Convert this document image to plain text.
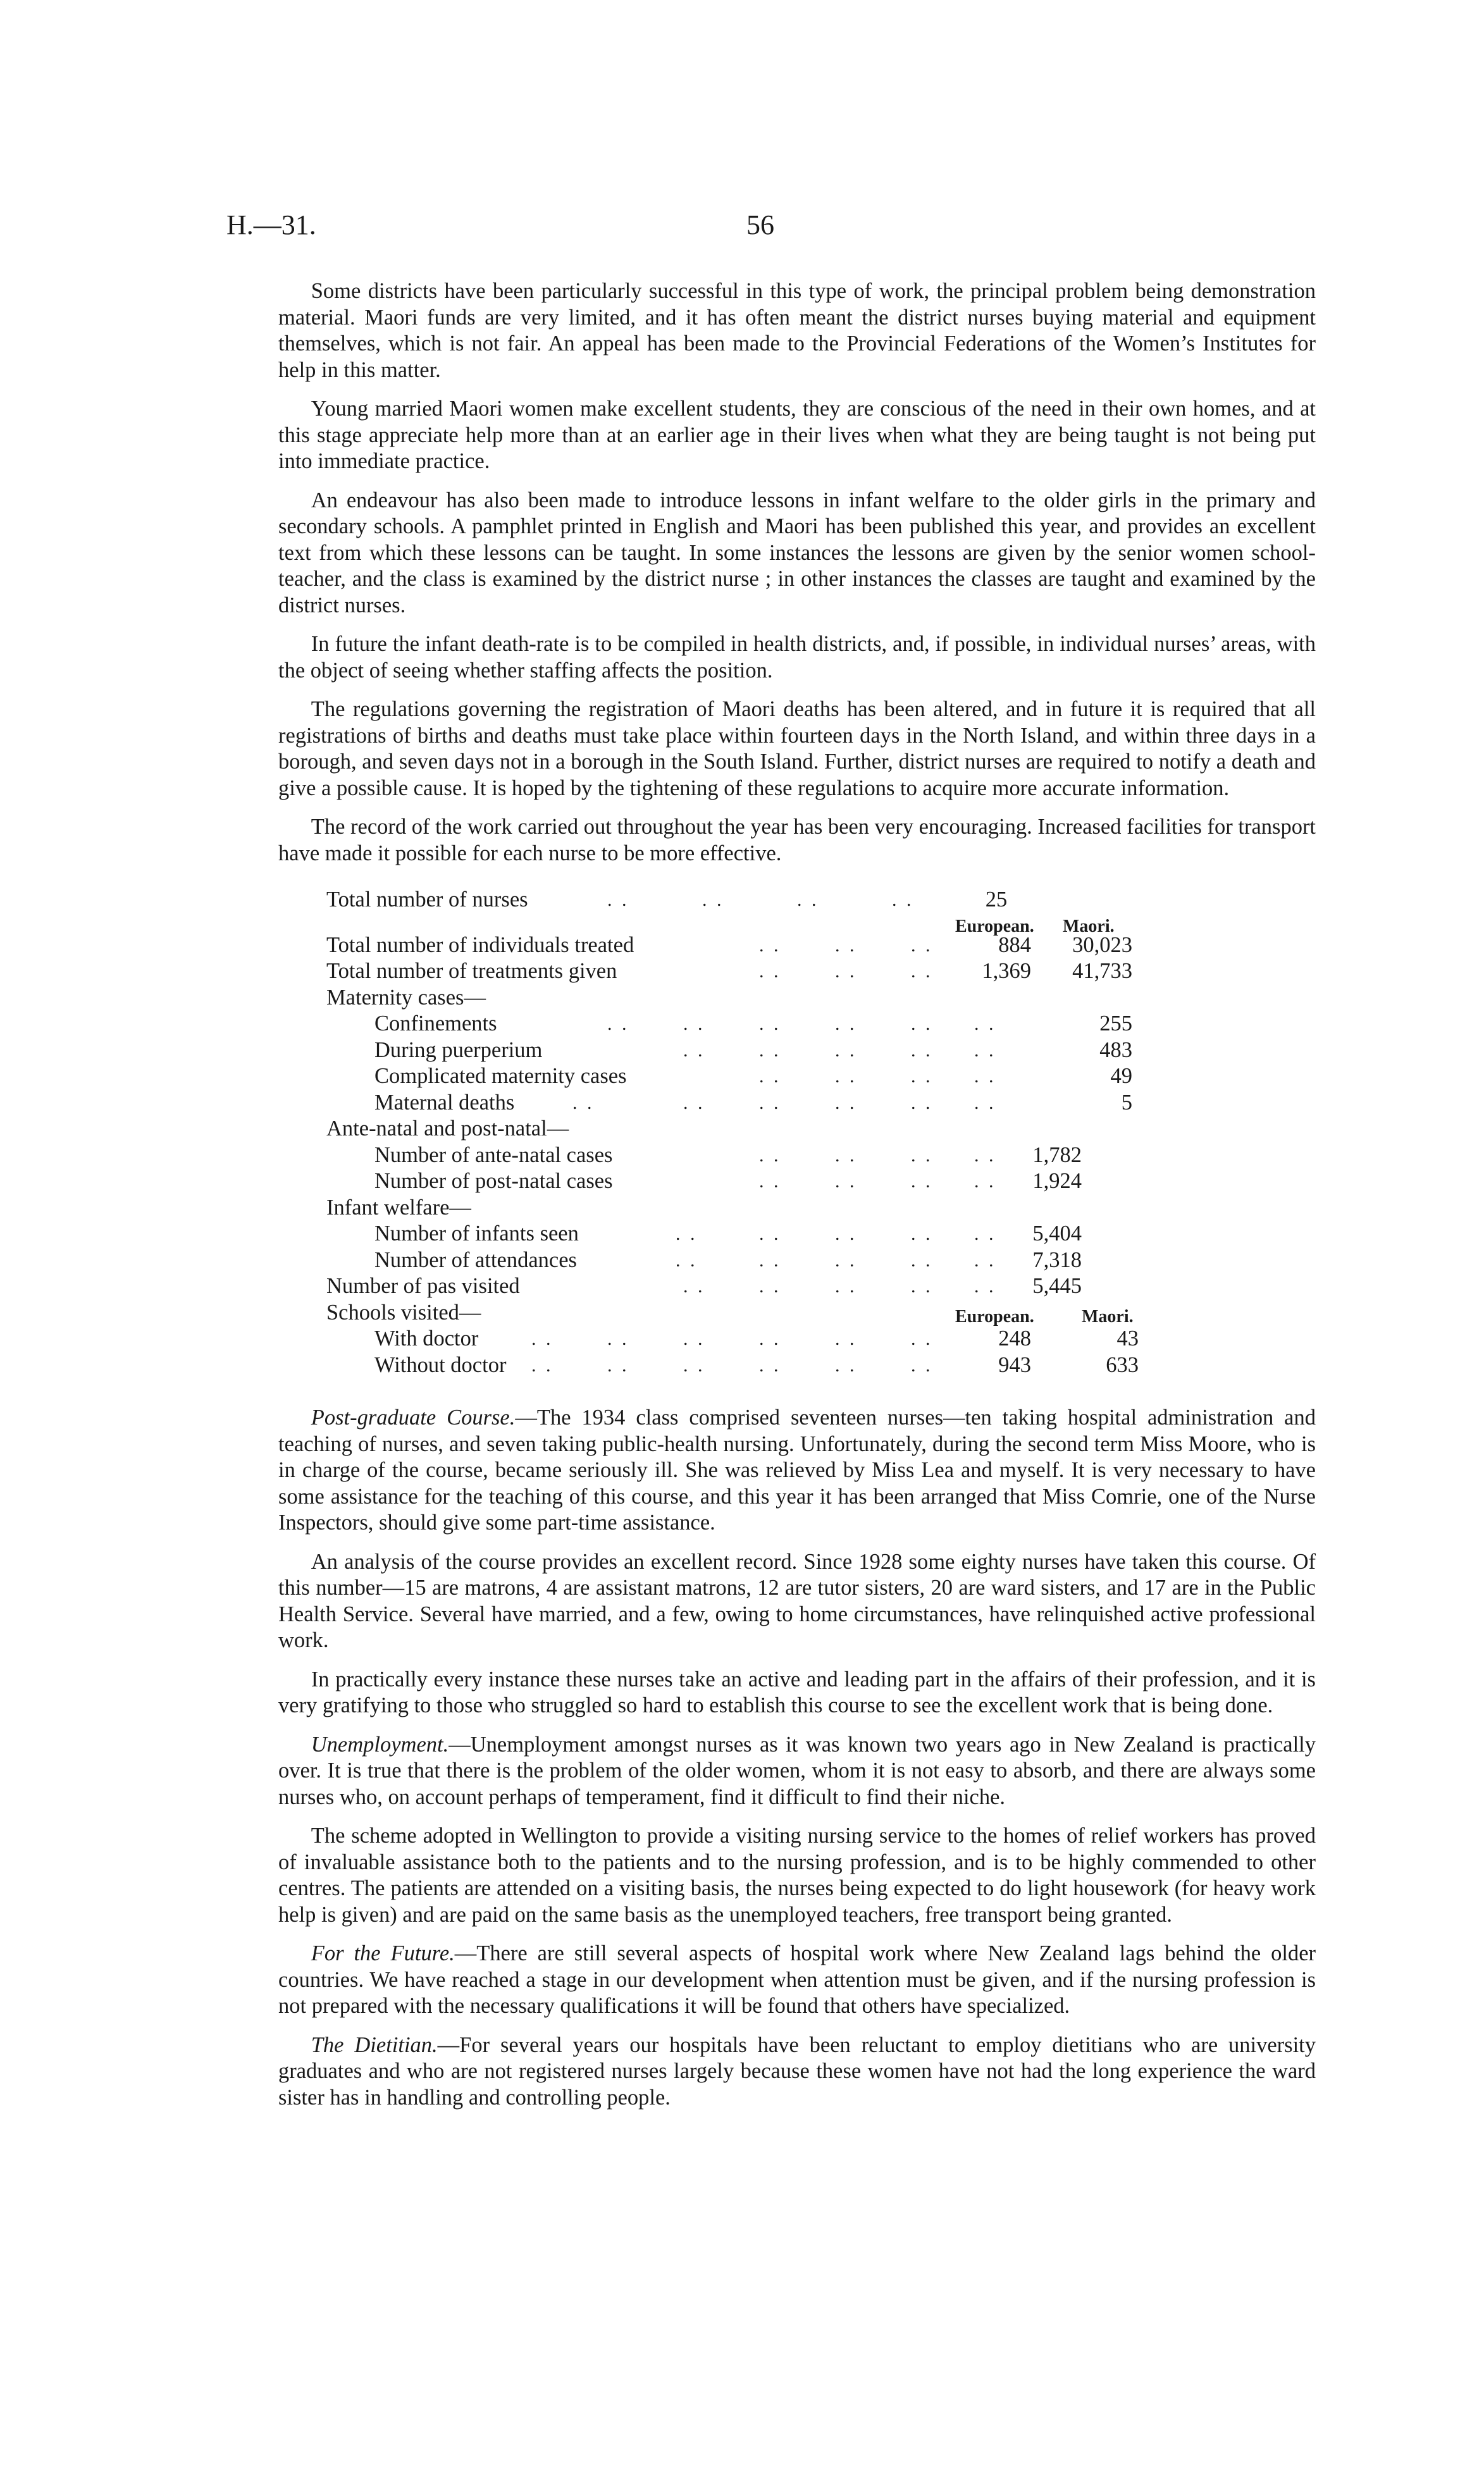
H.—31.	56

  Some districts have been particularly successful in this type of work, the principal problem being demonstration material. Maori funds are very limited, and it has often meant the district nurses buying material and equipment themselves, which is not fair. An appeal has been made to the Provincial Federations of the Women’s Institutes for help in this matter.

  Young married Maori women make excellent students, they are conscious of the need in their own homes, and at this stage appreciate help more than at an earlier age in their lives when what they are being taught is not being put into immediate practice.

  An endeavour has also been made to introduce lessons in infant welfare to the older girls in the primary and secondary schools. A pamphlet printed in English and Maori has been published this year, and provides an excellent text from which these lessons can be taught. In some instances the lessons are given by the senior women school-teacher, and the class is examined by the district nurse ; in other instances the classes are taught and examined by the district nurses.

  In future the infant death-rate is to be compiled in health districts, and, if possible, in individual nurses’ areas, with the object of seeing whether staffing affects the position.

  The regulations governing the registration of Maori deaths has been altered, and in future it is required that all registrations of births and deaths must take place within fourteen days in the North Island, and within three days in a borough, and seven days not in a borough in the South Island. Further, district nurses are required to notify a death and give a possible cause. It is hoped by the tightening of these regulations to acquire more accurate information.

  The record of the work carried out throughout the year has been very encouraging. Increased facilities for transport have made it possible for each nurse to be more effective.

Total number of nurses	. .	. .	. .	. .	25
European. Maori.
Total number of individuals treated	. .	. .	. .	884	30,023
Total number of treatments given	. .	. .	. .	1,369	41,733
Maternity cases—
Confinements	. .	. .	. .	. .	. . . .	255
During puerperium	. .	. .	. .	. . . .	483
Complicated maternity cases	. .	. .	. . . .	49
Maternal deaths	. .	. .	. .	. .	. . . .	5
Ante-natal and post-natal—
Number of ante-natal cases	. .	. .	. . . .	1,782
Number of post-natal cases	. .	. .	. . . .	1,924
Infant welfare—
Number of infants seen	. .	. .	. .	. . . .	5,404
Number of attendances	. .	. .	. .	. . . .	7,318
Number of pas visited	. .	. .	. .	. . . .	5,445
Schools visited—	European.	Maori.
With doctor	. .	. .	. .	. .	. .	. .	248	43
Without doctor . .	. .	. .	. .	. .	. .	943	633

  Post-graduate Course.—The 1934 class comprised seventeen nurses—ten taking hospital administration and teaching of nurses, and seven taking public-health nursing. Unfortunately, during the second term Miss Moore, who is in charge of the course, became seriously ill. She was relieved by Miss Lea and myself. It is very necessary to have some assistance for the teaching of this course, and this year it has been arranged that Miss Comrie, one of the Nurse Inspectors, should give some part-time assistance.

  An analysis of the course provides an excellent record. Since 1928 some eighty nurses have taken this course. Of this number—15 are matrons, 4 are assistant matrons, 12 are tutor sisters, 20 are ward sisters, and 17 are in the Public Health Service. Several have married, and a few, owing to home circumstances, have relinquished active professional work.

  In practically every instance these nurses take an active and leading part in the affairs of their profession, and it is very gratifying to those who struggled so hard to establish this course to see the excellent work that is being done.

  Unemployment.—Unemployment amongst nurses as it was known two years ago in New Zealand is practically over. It is true that there is the problem of the older women, whom it is not easy to absorb, and there are always some nurses who, on account perhaps of temperament, find it difficult to find their niche.

  The scheme adopted in Wellington to provide a visiting nursing service to the homes of relief workers has proved of invaluable assistance both to the patients and to the nursing profession, and is to be highly commended to other centres. The patients are attended on a visiting basis, the nurses being expected to do light housework (for heavy work help is given) and are paid on the same basis as the unemployed teachers, free transport being granted.

  For the Future.—There are still several aspects of hospital work where New Zealand lags behind the older countries. We have reached a stage in our development when attention must be given, and if the nursing profession is not prepared with the necessary qualifications it will be found that others have specialized.

  The Dietitian.—For several years our hospitals have been reluctant to employ dietitians who are university graduates and who are not registered nurses largely because these women have not had the long experience the ward sister has in handling and controlling people.
